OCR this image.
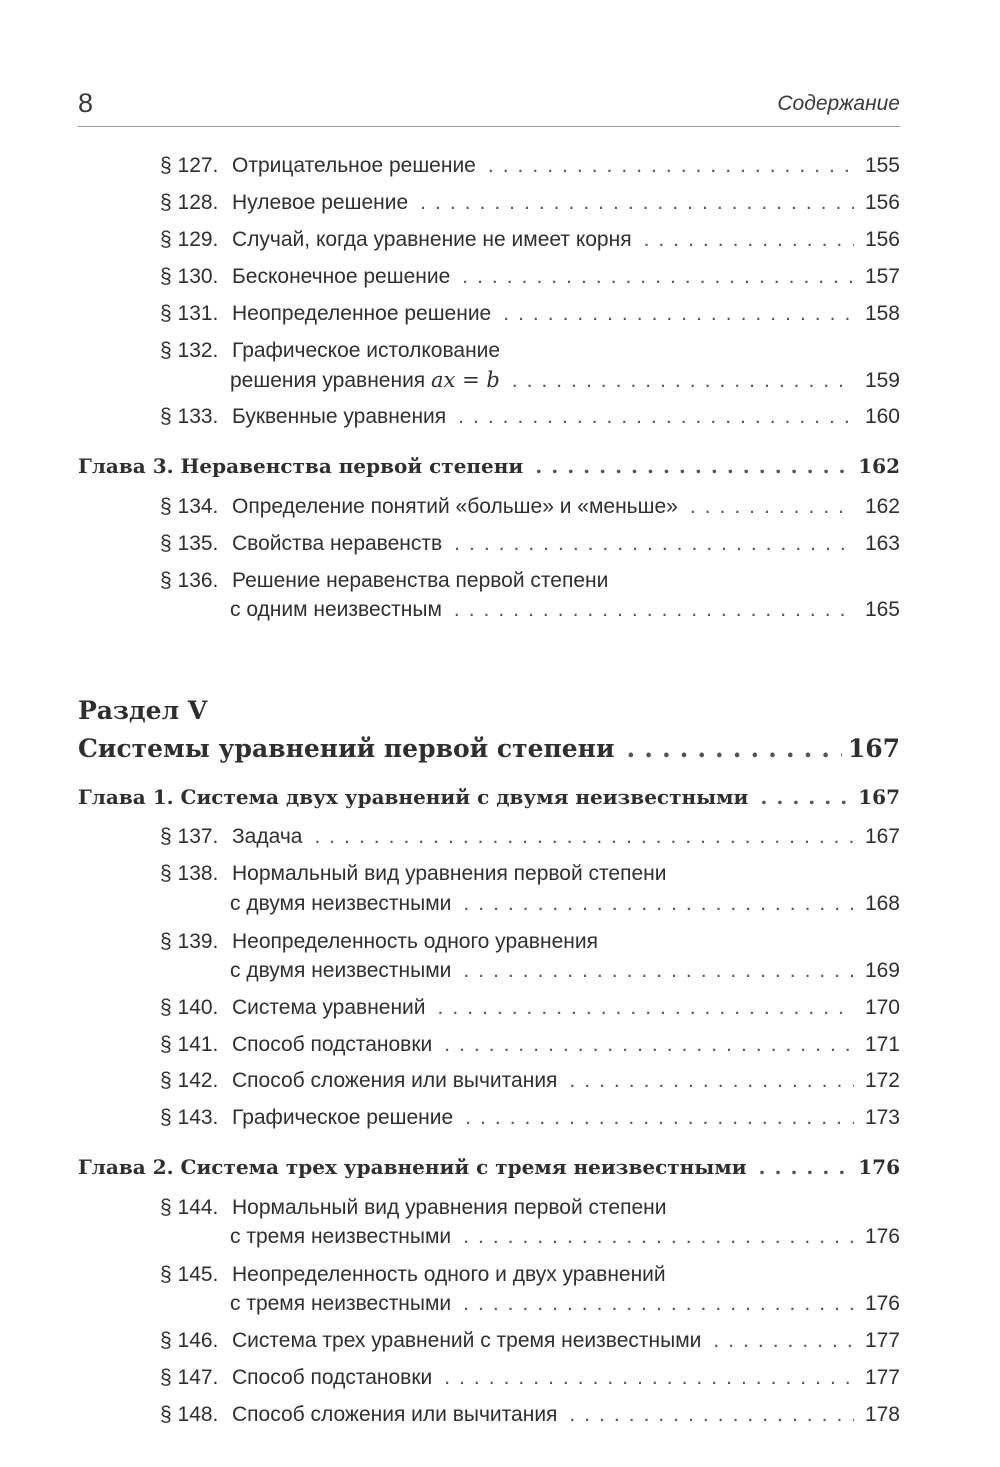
8	Содержание
§ 127. Отрицательное решение .....	155
§ 128. Нулевое решение .....	156
§ 129. Случай, когда уравнение не имеет корня .....	156
§ 130. Бесконечное решение .....	157
§ 131. Неопределенное решение .....	158
§ 132. Графическое истолкование
решения уравнения ax = b .....	159
§ 133. Буквенные уравнения .....	160
Глава 3. Неравенства первой степени .....	162
§ 134. Определение понятий «больше» и «меньше» .....	162
§ 135. Свойства неравенств .....	163
§ 136. Решение неравенства первой степени
с одним неизвестным .....	165
Раздел V
Системы уравнений первой степени .....	167
Глава 1. Система двух уравнений с двумя неизвестными .....	167
§ 137. Задача .....	167
§ 138. Нормальный вид уравнения первой степени
с двумя неизвестными .....	168
§ 139. Неопределенность одного уравнения
с двумя неизвестными .....	169
§ 140. Система уравнений .....	170
§ 141. Способ подстановки .....	171
§ 142. Способ сложения или вычитания .....	172
§ 143. Графическое решение .....	173
Глава 2. Система трех уравнений с тремя неизвестными .....	176
§ 144. Нормальный вид уравнения первой степени
с тремя неизвестными .....	176
§ 145. Неопределенность одного и двух уравнений
с тремя неизвестными .....	176
§ 146. Система трех уравнений с тремя неизвестными .....	177
§ 147. Способ подстановки .....	177
§ 148. Способ сложения или вычитания .....	178
